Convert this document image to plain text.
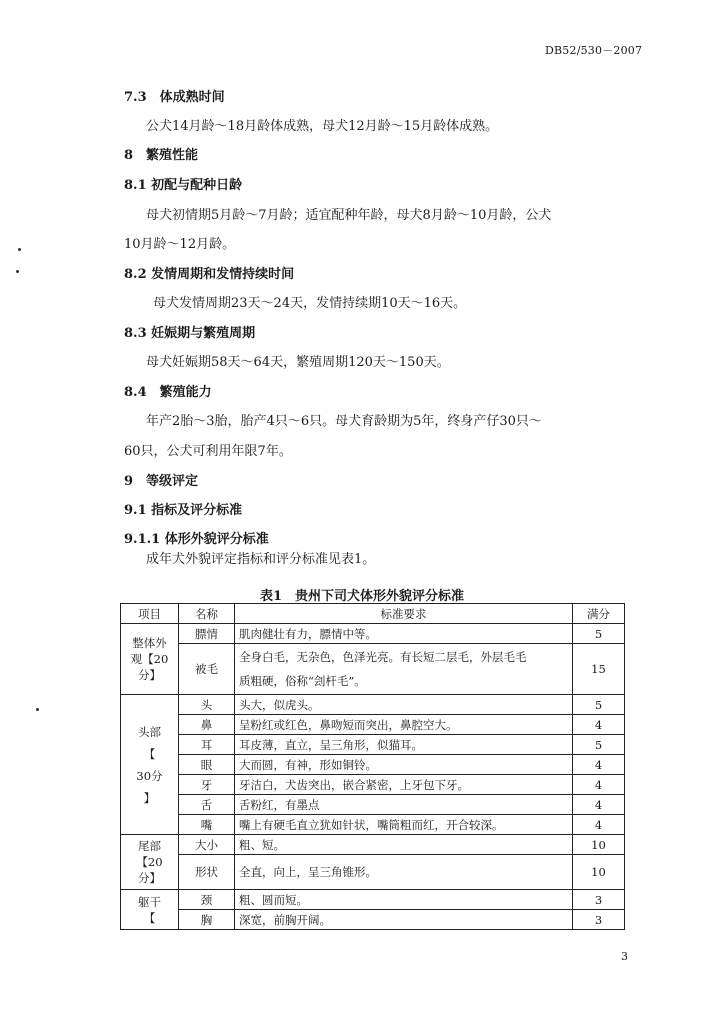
DB52/530－2007
7.3　体成熟时间
公犬14月龄～18月龄体成熟，母犬12月龄～15月龄体成熟。
8　繁殖性能
8.1 初配与配种日龄
母犬初情期5月龄～7月龄；适宜配种年龄，母犬8月龄～10月龄，公犬
10月龄～12月龄。
8.2 发情周期和发情持续时间
母犬发情周期23天～24天，发情持续期10天～16天。
8.3 妊娠期与繁殖周期
母犬妊娠期58天～64天，繁殖周期120天～150天。
8.4　繁殖能力
年产2胎～3胎，胎产4只～6只。母犬育龄期为5年，终身产仔30只～
60只，公犬可利用年限7年。
9　等级评定
9.1 指标及评分标准
9.1.1 体形外貌评分标准
成年犬外貌评定指标和评分标准见表1。
表1　贵州下司犬体形外貌评分标准
项目	名称	标准要求	满分

整体外
观【20
分】	膘情	肌肉健壮有力，膘情中等。	5
	被毛	全身白毛，无杂色，色泽光亮。有长短二层毛，外层毛毛
质粗硬，俗称“刽杆毛”。	15

头部
【
30分
】	头	头大，似虎头。	5
	鼻	呈粉红或红色，鼻吻短而突出，鼻腔空大。	4
	耳	耳皮薄，直立，呈三角形，似猫耳。	5
	眼	大而圆，有神，形如铜铃。	4
	牙	牙洁白，犬齿突出，嵌合紧密，上牙包下牙。	4
	舌	舌粉红，有墨点	4
	嘴	嘴上有硬毛直立犹如针状，嘴筒粗而红，开合较深。	4

尾部
【20
分】	大小	粗、短。	10
	形状	全直，向上，呈三角锥形。	10

躯干
【	颈	粗、圆而短。	3
	胸	深宽，前胸开阔。	3
3
